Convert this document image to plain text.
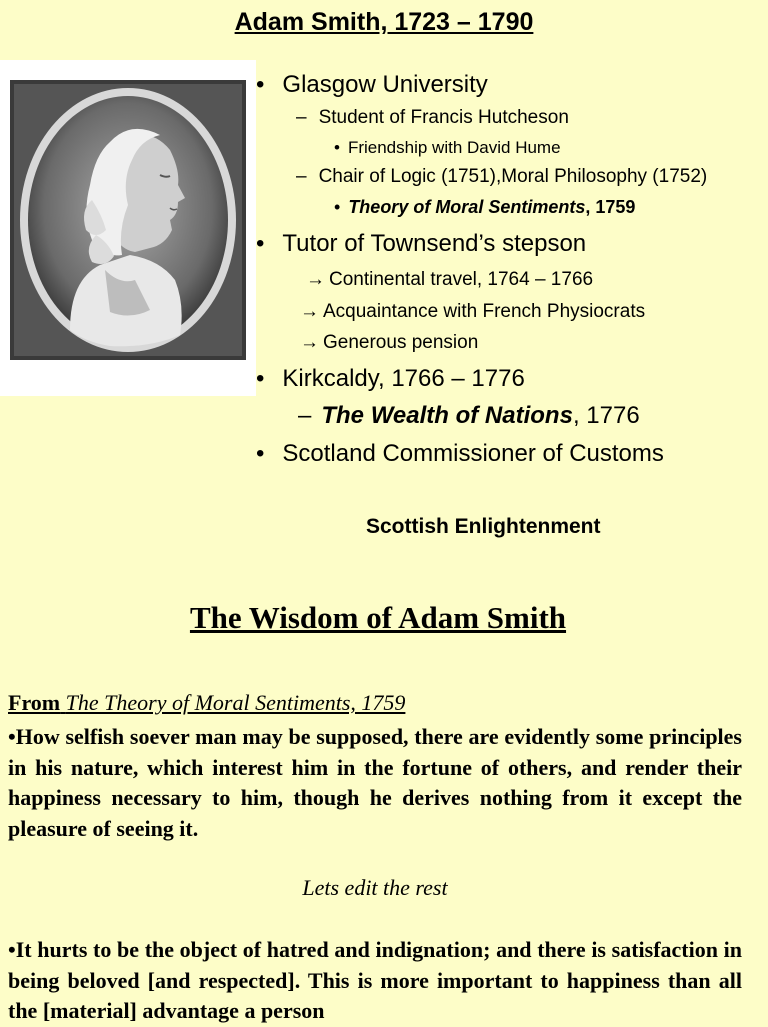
Adam Smith, 1723 – 1790
• Glasgow University
– Student of Francis Hutcheson
• Friendship with David Hume
– Chair of Logic (1751),Moral Philosophy (1752)
• Theory of Moral Sentiments, 1759
• Tutor of Townsend’s stepson
→ Continental travel, 1764 – 1766
→ Acquaintance with French Physiocrats
→ Generous pension
• Kirkcaldy, 1766 – 1776
– The Wealth of Nations, 1776
• Scotland Commissioner of Customs
Scottish Enlightenment
The Wisdom of Adam Smith
From The Theory of Moral Sentiments, 1759
•How selfish soever man may be supposed, there are evidently some principles in his nature, which interest him in the fortune of others, and render their happiness necessary to him, though he derives nothing from it except the pleasure of seeing it.
Lets edit the rest
•It hurts to be the object of hatred and indignation; and there is satisfaction in being beloved [and respected]. This is more important to happiness than all the [material] advantage a person
